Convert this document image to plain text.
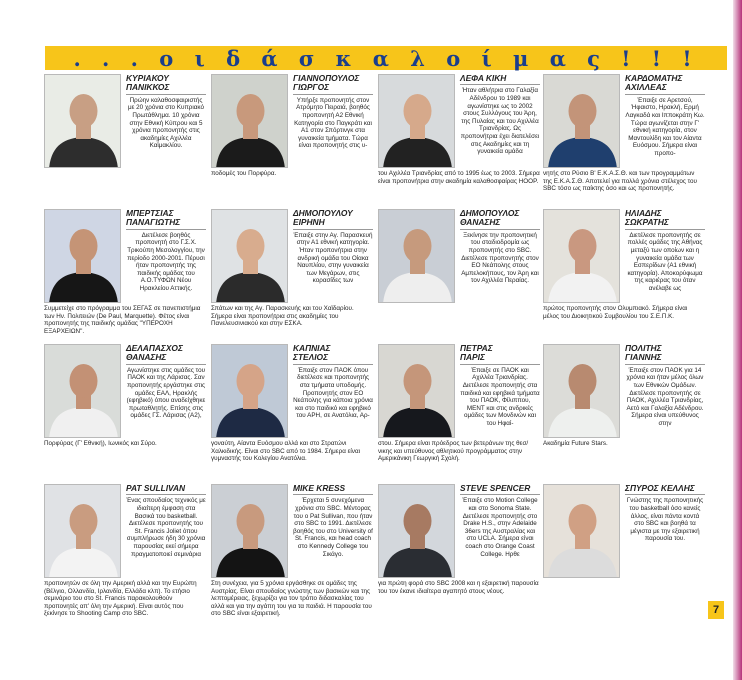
. . . ο ι δ ά σ κ α λ ο ί μ α ς ! ! !
ΚΥΡΙΑΚΟΥ
ΠΑΝΙΚΚΟΣ
Πρώην καλαθοσφαιριστής με 20 χρόνια στο Κυπριακό Πρωτάθλημα. 10 χρόνια στην Εθνική Κύπρου και 5 χρόνια προπονητής στις ακαδημίες Αχιλλέα Καϊμακλίου.
ΓΙΑΝΝΟΠΟΥΛΟΣ
ΓΙΩΡΓΟΣ
Υπήρξε προπονητής στον Ατρόμητο Πειραιά, βοηθός προπονητή Α2 Εθνική Κατηγορία στο Παγκράτι και Α1 στον Σπόρτινγκ στα γυναικεία τμήματα. Τώρα είναι προπονητής στις υ-
ποδομές του Πορφύρα.
ΛΕΦΑ ΚΙΚΗ
Ήταν αθλήτρια στο Γαλαξία Αδένδρου το 1989 και αγωνίστηκε ως το 2002 στους Συλλόγους του Άρη, της Πυλαίας και του Αχιλλέα Τριανδρίας. Ως προπονήτρια έχει διατελέσει στις Ακαδημίες και τη γυναικεία ομάδα
του Αχιλλέα Τριανδρίας από το 1995 έως το 2003. Σήμερα είναι προπονήτρια στην ακαδημία καλαθοσφαίρας ΗΟΟΡ.
ΚΑΡΔΟΜΑΤΗΣ
ΑΧΙΛΛΕΑΣ
Έπαιξε σε Αρετσού, Ήφαιστο, Ηρακλή, Ερμή Λαγκαδά και Ιπποκράτη Κω. Τώρα αγωνίζεται στην Γ' εθνική κατηγορία, στον Μαντουλίδη και τον Αίαντα Ευόσμου. Σήμερα είναι προπο-
νητής στο Ρύσιο Β' Ε.Κ.Α.Σ.Θ. και των προγραμμάτων της Ε.Κ.Α.Σ.Θ. Αποτελεί για πολλά χρόνια στέλεχος του SBC τόσο ως παίκτης όσο και ως προπονητής.
ΜΠΕΡΤΣΙΑΣ
ΠΑΝΑΓΙΩΤΗΣ
Διετέλεσε βοηθός προπονητή στο Γ.Σ.Χ. Τρικούπη Μεσολογγίου, την περίοδο 2000-2001. Πέρυσι ήταν προπονητής της παιδικής ομάδας του Α.Ο.ΤΥΦΩΝ Νέου Ηρακλείου Αττικής.
Συμμετείχε στο πρόγραμμα του ΣΕΓΑΣ σε πανεπιστήμια των Ην. Πολιτειών (De Paul, Marquette). Φέτος είναι προπονητής της παιδικής ομάδας "ΥΠΕΡΟΧΗ ΕΞΑΡΧΕΙΩΝ".
ΔΗΜΟΠΟΥΛΟΥ
ΕΙΡΗΝΗ
Έπαιξε στην Αγ. Παρασκευή στην Α1 εθνική κατηγορία. Ήταν προπονήτρια στην ανδρική ομάδα του Οίακα Ναυπλίου, στην γυναικεία των Μεγάρων, στις κορασίδες των
Σπάτων και της Αγ. Παρασκευής και του Χαϊδαρίου. Σήμερα είναι προπονήτρια στις ακαδημίες του Πανελευσινιακού και στην ΕΣΚΑ.
ΔΗΜΟΠΟΥΛΟΣ
ΘΑΝΑΣΗΣ
Ξεκίνησε την προπονητική του σταδιοδρομία ως προπονητής στο SBC. Διετέλεσε προπονητής στον ΕΟ Νεάπολης στους Αμπελοκήπους, τον Άρη και τον Αχιλλέα Περαίας.
ΗΛΙΑΔΗΣ
ΣΩΚΡΑΤΗΣ
Διετέλεσε προπονητής σε πολλές ομάδες της Αθήνας μεταξύ των οποίων και η γυναικεία ομάδα των Εσπερίδων (Α1 εθνική κατηγορία). Αποκορύφωμα της καριέρας του όταν ανέλαβε ως
πρώτος προπονητής στον Ολυμπιακό. Σήμερα είναι μέλος του Διοικητικού Συμβουλίου του Σ.Ε.Π.Κ.
ΔΕΛΑΠΑΣΧΟΣ
ΘΑΝΑΣΗΣ
Αγωνίστηκε στις ομάδες του ΠΑΟΚ και της Λάρισας. Σαν προπονητής εργάστηκε στις ομάδες ΕΑΛ, Ηρακλής (εφηβικό) όπου αναδείχθηκε πρωταθλητής. Επίσης στις ομάδες ΓΣ. Λάρισας (Α2),
Πορφύρας (Γ' Εθνική), Ιωνικός και Σύρο.
ΚΑΠΝΙΑΣ
ΣΤΕΛΙΟΣ
Έπαιξε στον ΠΑΟΚ όπου διετέλεσε και προπονητής στα τμήματα υποδομής. Προπονητής στον ΕΟ Νεάπολης για κάποια χρόνια και στο παιδικό και εφηβικό του ΑΡΗ, σε Ανατόλια, Αρ-
γοναύτη, Αίαντα Ευόσμου αλλά και στο Στρατώνι Χαλκιδικής. Είναι στο SBC από το 1984. Σήμερα είναι γυμναστής του Κολεγίου Ανατόλια.
ΠΕΤΡΑΣ
ΠΑΡΙΣ
Έπαιξε σε ΠΑΟΚ και Αχιλλέα Τριανδρίας. Διετέλεσε προπονητής στα παιδικά και εφηβικά τμήματα του ΠΑΟΚ, Φίλιππου, ΜΕΝΤ και στις ανδρικές ομάδες των Μονδινών και του Ηφαί-
στου. Σήμερα είναι πρόεδρος των βετεράνων της θεσ/νικης και υπεύθυνος αθλητικού προγράμματος στην Αμερικάνικη Γεωργική Σχολή.
ΠΟΛΙΤΗΣ
ΓΙΑΝΝΗΣ
Έπαιξε στον ΠΑΟΚ για 14 χρόνια και ήταν μέλος όλων των Εθνικών Ομάδων. Διετέλεσε προπονητής σε ΠΑΟΚ, Αχιλλέα Τριανδρίας, Αετό και Γαλαξία Αδένδρου. Σήμερα είναι υπεύθυνος στην
Ακαδημία Future Stars.
PAT SULLIVAN
Ένας σπουδαίος τεχνικός με ιδιαίτερη έμφαση στα Βασικά του basketball. Διετέλεσε προπονητής του St. Francis Joliet όπου συμπλήρωσε ήδη 30 χρόνια παρουσίας εκεί σήμερα πραγματοποιεί σεμινάρια
προπονητών σε όλη την Αμερική αλλά και την Ευρώπη (Βέλγιο, Ολλανδία, Ιρλανδία, Ελλάδα κλπ). Το ετήσιο σεμινάριο του στο St. Francis παρακολουθούν προπονητές απ' όλη την Αμερική. Είναι αυτός που ξεκίνησε το Shooting Camp στο SBC.
MIKE KRESS
Έρχεται 5 συνεχόμενα χρόνια στο SBC. Μέντορας του ο Pat Sullivan, που ήταν στο SBC το 1991. Διετέλεσε βοηθός του στο University of St. Francis, και head coach στο Kennedy College του Σικάγο.
Στη συνέχεια, για 5 χρόνια εργάσθηκε σε ομάδες της Αυστρίας. Είναι σπουδαίος γνώστης των βασικών και της λεπτομέρειας, ξεχωρίζει για τον τρόπο διδασκαλίας του αλλά και για την αγάπη του για τα παιδιά. Η παρουσία του στο SBC είναι εξαιρετική.
STEVE SPENCER
Έπαιξε στο Motion College και στο Sonoma State. Διετέλεσε προπονητής στο Drake H.S., στην Adelaide 36ers της Αυστραλίας και στο UCLA. Σήμερα είναι coach στο Orange Coast College. Ηρθε
για πρώτη φορά στο SBC 2008 και η εξαιρετική παρουσία του τον έκανε ιδιαίτερα αγαπητό στους νέους.
ΣΠΥΡΟΣ ΚΕΛΛΗΣ
Γνώστης της προπονητικής του basketball όσο κανείς άλλος, είναι πάντα κοντά στο SBC και βοηθά τα μέγιστα με την εξαιρετική παρουσία του.
7
